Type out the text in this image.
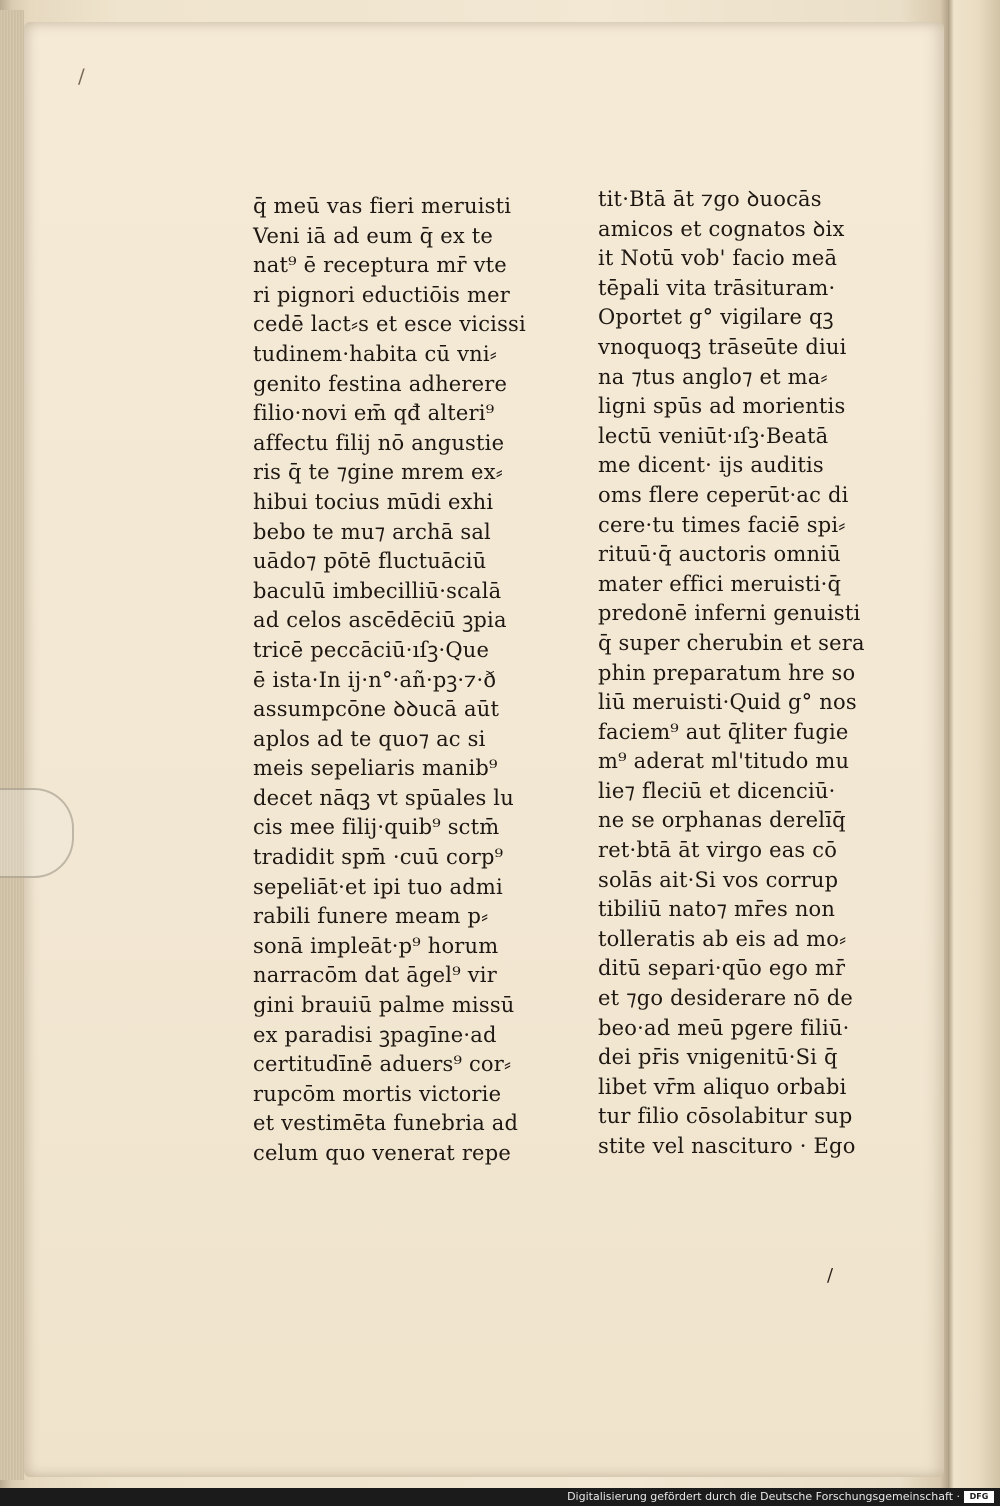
/
q̄ meū vas fieri meruisti
Veni iā ad eum q̄ ex te
nat⁹ ē receptura mr̄ vte
ri pignori eductiōis mer
cedē lact⸗s et esce vicissi
tudinem·habita cū vni⸗
genito festina adherere
filio·novi em̄ qđ alteri⁹
affectu filij nō angustie
ris q̄ te ⁊gine mrem ex⸗
hibui tocius mūdi exhi
bebo te mu⁊ archā sal
uādo⁊ pōtē fluctuāciū
baculū imbecilliū·scalā
ad celos ascēdēciū ꝫpia
tricē peccāciū·ıſꝫ·Que
ē ista·In ij·n°·añ·pꝫ·⁊·ð
assumpcōne ꝺꝺucā aūt
aplos ad te quo⁊ ac si
meis sepeliaris manib⁹
decet nāqꝫ vt spūales lu
cis mee filij·quib⁹ sctm̄
tradidit spm̄ ·cuū corp⁹
sepeliāt·et ipi tuo admi
rabili funere meam p⸗
sonā impleāt·p⁹ horum
narracōm dat āgel⁹ vir
gini brauiū palme missū
ex paradisi ꝫpagīne·ad
certitudīnē aduers⁹ cor⸗
rupcōm mortis victorie
et vestimēta funebria ad
celum quo venerat repe
tit·Btā āt ⁊go ꝺuocās
amicos et cognatos ꝺix
it Notū vob' facio meā
tēpali vita trāsituram·
Oportet g° vigilare qꝫ
vnoquoqꝫ trāseūte diui
na ⁊tus anglo⁊ et ma⸗
ligni spūs ad morientis
lectū veniūt·ıſꝫ·Beatā
me dicent· ijs auditis
oms flere ceperūt·ac di
cere·tu times faciē spi⸗
rituū·q̄ auctoris omniū
mater effici meruisti·q̄
predonē inferni genuisti
q̄ super cherubin et sera
phin preparatum hre so
liū meruisti·Quid g° nos
faciem⁹ aut q̄liter fugie
m⁹ aderat ml'titudo mu
lie⁊ fleciū et dicenciū·
ne se orphanas derelīq̄
ret·btā āt virgo eas cō
solās ait·Si vos corrup
tibiliū nato⁊ mr̄es non
tolleratis ab eis ad mo⸗
ditū separi·qūo ego mr̄
et ⁊go desiderare nō de
beo·ad meū pgere filiū·
dei pr̄is vnigenitū·Si q̄
libet vr̄m aliquo orbabi
tur filio cōsolabitur sup
stite vel nascituro · Ego
/
Digitalisierung gefördert durch die Deutsche Forschungsgemeinschaft ·	DFG
